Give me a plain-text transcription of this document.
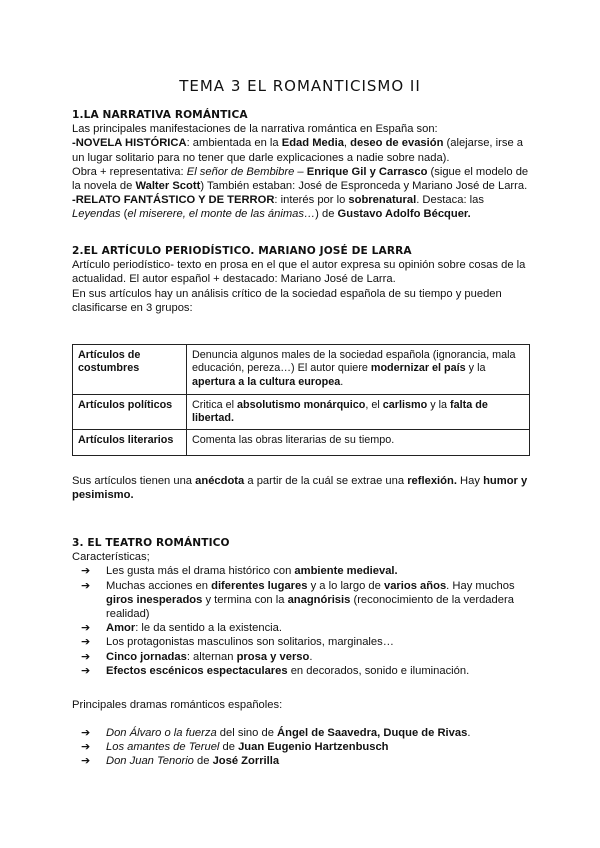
TEMA 3 EL ROMANTICISMO II
1.LA NARRATIVA ROMÁNTICA

Las principales manifestaciones de la narrativa romántica en España son:

-NOVELA HISTÓRICA: ambientada en la Edad Media, deseo de evasión (alejarse, irse a un lugar solitario para no tener que darle explicaciones a nadie sobre nada).

Obra + representativa: El señor de Bembibre – Enrique Gil y Carrasco (sigue el modelo de la novela de Walter Scott) También estaban: José de Espronceda y Mariano José de Larra.

-RELATO FANTÁSTICO Y DE TERROR: interés por lo sobrenatural. Destaca: las Leyendas (el miserere, el monte de las ánimas…) de Gustavo Adolfo Bécquer.

2.EL ARTÍCULO PERIODÍSTICO. MARIANO JOSÉ DE LARRA

Artículo periodístico- texto en prosa en el que el autor expresa su opinión sobre cosas de la actualidad. El autor español + destacado: Mariano José de Larra.

En sus artículos hay un análisis crítico de la sociedad española de su tiempo y pueden clasificarse en 3 grupos:

Artículos de costumbres	Denuncia algunos males de la sociedad española (ignorancia, mala educación, pereza…) El autor quiere modernizar el país y la apertura a la cultura europea.
Artículos políticos	Critica el absolutismo monárquico, el carlismo y la falta de libertad.
Artículos literarios	Comenta las obras literarias de su tiempo.

Sus artículos tienen una anécdota a partir de la cuál se extrae una reflexión. Hay humor y pesimismo.

3. EL TEATRO ROMÁNTICO

Características;

➔ Les gusta más el drama histórico con ambiente medieval.
➔ Muchas acciones en diferentes lugares y a lo largo de varios años. Hay muchos giros inesperados y termina con la anagnórisis (reconocimiento de la verdadera realidad)
➔ Amor: le da sentido a la existencia.
➔ Los protagonistas masculinos son solitarios, marginales…
➔ Cinco jornadas: alternan prosa y verso.
➔ Efectos escénicos espectaculares en decorados, sonido e iluminación.

Principales dramas románticos españoles:

➔ Don Álvaro o la fuerza del sino de Ángel de Saavedra, Duque de Rivas.
➔ Los amantes de Teruel de Juan Eugenio Hartzenbusch
➔ Don Juan Tenorio de José Zorrilla
